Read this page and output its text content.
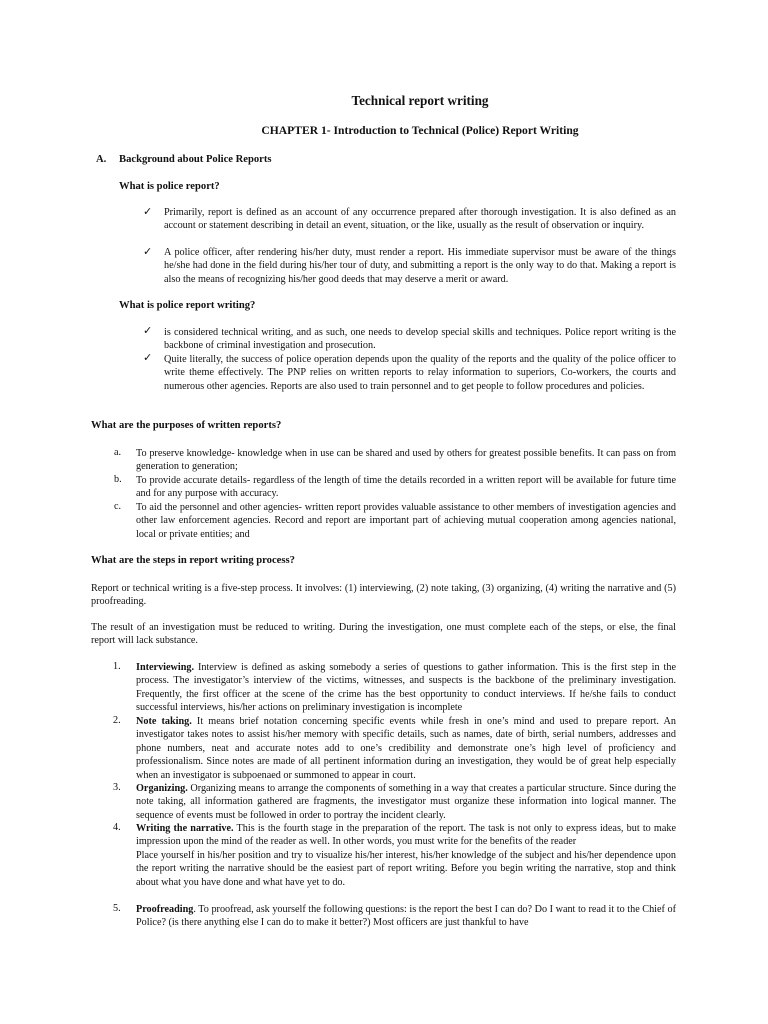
Technical report writing
CHAPTER 1- Introduction to Technical (Police) Report Writing
A. Background about Police Reports
What is police report?
✓ Primarily, report is defined as an account of any occurrence prepared after thorough investigation. It is also defined as an account or statement describing in detail an event, situation, or the like, usually as the result of observation or inquiry.
✓ A police officer, after rendering his/her duty, must render a report. His immediate supervisor must be aware of the things he/she had done in the field during his/her tour of duty, and submitting a report is the only way to do that. Making a report is also the means of recognizing his/her good deeds that may deserve a merit or award.
What is police report writing?
✓ is considered technical writing, and as such, one needs to develop special skills and techniques. Police report writing is the backbone of criminal investigation and prosecution.
✓ Quite literally, the success of police operation depends upon the quality of the reports and the quality of the police officer to write theme effectively. The PNP relies on written reports to relay information to superiors, Co-workers, the courts and numerous other agencies. Reports are also used to train personnel and to get people to follow procedures and policies.
What are the purposes of written reports?
a. To preserve knowledge- knowledge when in use can be shared and used by others for greatest possible benefits. It can pass on from generation to generation;
b. To provide accurate details- regardless of the length of time the details recorded in a written report will be available for future time and for any purpose with accuracy.
c. To aid the personnel and other agencies- written report provides valuable assistance to other members of investigation agencies and other law enforcement agencies. Record and report are important part of achieving mutual cooperation among agencies national, local or private entities; and
What are the steps in report writing process?
Report or technical writing is a five-step process. It involves: (1) interviewing, (2) note taking, (3) organizing, (4) writing the narrative and (5) proofreading.
The result of an investigation must be reduced to writing. During the investigation, one must complete each of the steps, or else, the final report will lack substance.
1. Interviewing. Interview is defined as asking somebody a series of questions to gather information. This is the first step in the process. The investigator’s interview of the victims, witnesses, and suspects is the backbone of the preliminary investigation. Frequently, the first officer at the scene of the crime has the best opportunity to conduct interviews. If he/she fails to conduct successful interviews, his/her actions on preliminary investigation is incomplete
2. Note taking. It means brief notation concerning specific events while fresh in one’s mind and used to prepare report. An investigator takes notes to assist his/her memory with specific details, such as names, date of birth, serial numbers, addresses and phone numbers, neat and accurate notes add to one’s credibility and demonstrate one’s high level of proficiency and professionalism. Since notes are made of all pertinent information during an investigation, they would be of great help especially when an investigator is subpoenaed or summoned to appear in court.
3. Organizing. Organizing means to arrange the components of something in a way that creates a particular structure. Since during the note taking, all information gathered are fragments, the investigator must organize these information into logical manner. The sequence of events must be followed in order to portray the incident clearly.
4. Writing the narrative. This is the fourth stage in the preparation of the report. The task is not only to express ideas, but to make impression upon the mind of the reader as well. In other words, you must write for the benefits of the reader
Place yourself in his/her position and try to visualize his/her interest, his/her knowledge of the subject and his/her dependence upon the report writing the narrative should be the easiest part of report writing. Before you begin writing the narrative, stop and think about what you have done and what have yet to do.
5. Proofreading. To proofread, ask yourself the following questions: is the report the best I can do? Do I want to read it to the Chief of Police? (is there anything else I can do to make it better?) Most officers are just thankful to have
